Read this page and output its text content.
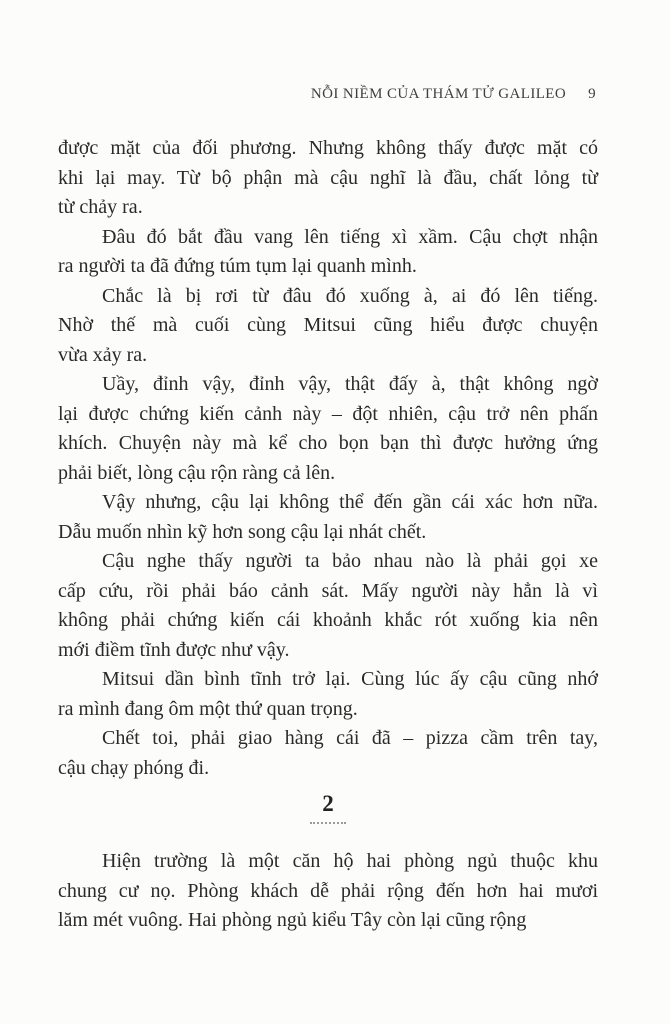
NỖI NIỀM CỦA THÁM TỬ GALILEO 9
được mặt của đối phương. Nhưng không thấy được mặt có
khi lại may. Từ bộ phận mà cậu nghĩ là đầu, chất lỏng từ
từ chảy ra.
Đâu đó bắt đầu vang lên tiếng xì xầm. Cậu chợt nhận
ra người ta đã đứng túm tụm lại quanh mình.
Chắc là bị rơi từ đâu đó xuống à, ai đó lên tiếng.
Nhờ thế mà cuối cùng Mitsui cũng hiểu được chuyện
vừa xảy ra.
Uầy, đỉnh vậy, đỉnh vậy, thật đấy à, thật không ngờ
lại được chứng kiến cảnh này – đột nhiên, cậu trở nên phấn
khích. Chuyện này mà kể cho bọn bạn thì được hưởng ứng
phải biết, lòng cậu rộn ràng cả lên.
Vậy nhưng, cậu lại không thể đến gần cái xác hơn nữa.
Dẫu muốn nhìn kỹ hơn song cậu lại nhát chết.
Cậu nghe thấy người ta bảo nhau nào là phải gọi xe
cấp cứu, rồi phải báo cảnh sát. Mấy người này hẳn là vì
không phải chứng kiến cái khoảnh khắc rót xuống kia nên
mới điềm tĩnh được như vậy.
Mitsui dần bình tĩnh trở lại. Cùng lúc ấy cậu cũng nhớ
ra mình đang ôm một thứ quan trọng.
Chết toi, phải giao hàng cái đã – pizza cầm trên tay,
cậu chạy phóng đi.
2
Hiện trường là một căn hộ hai phòng ngủ thuộc khu
chung cư nọ. Phòng khách dễ phải rộng đến hơn hai mươi
lăm mét vuông. Hai phòng ngủ kiểu Tây còn lại cũng rộng
